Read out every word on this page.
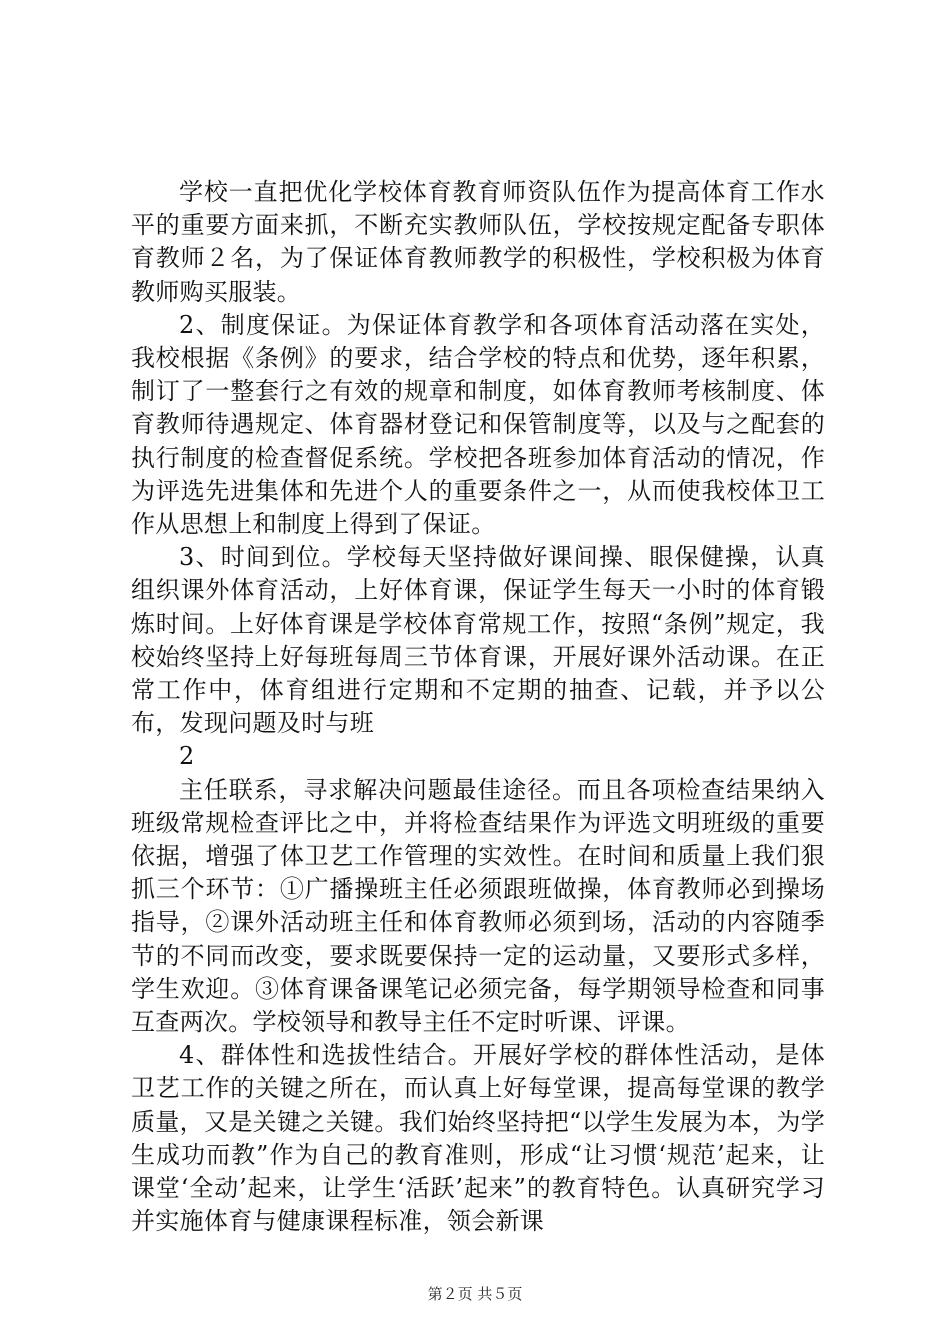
学校一直把优化学校体育教育师资队伍作为提高体育工作水平的重要方面来抓，不断充实教师队伍，学校按规定配备专职体育教师２名，为了保证体育教师教学的积极性，学校积极为体育教师购买服装。

2、制度保证。为保证体育教学和各项体育活动落在实处，我校根据《条例》的要求，结合学校的特点和优势，逐年积累，制订了一整套行之有效的规章和制度，如体育教师考核制度、体育教师待遇规定、体育器材登记和保管制度等，以及与之配套的执行制度的检查督促系统。学校把各班参加体育活动的情况，作为评选先进集体和先进个人的重要条件之一，从而使我校体卫工作从思想上和制度上得到了保证。

3、时间到位。学校每天坚持做好课间操、眼保健操，认真组织课外体育活动，上好体育课，保证学生每天一小时的体育锻炼时间。上好体育课是学校体育常规工作，按照“条例”规定，我校始终坚持上好每班每周三节体育课，开展好课外活动课。在正常工作中，体育组进行定期和不定期的抽查、记载，并予以公布，发现问题及时与班

2

主任联系，寻求解决问题最佳途径。而且各项检查结果纳入班级常规检查评比之中，并将检查结果作为评选文明班级的重要依据，增强了体卫艺工作管理的实效性。在时间和质量上我们狠抓三个环节：①广播操班主任必须跟班做操，体育教师必到操场指导，②课外活动班主任和体育教师必须到场，活动的内容随季节的不同而改变，要求既要保持一定的运动量，又要形式多样，学生欢迎。③体育课备课笔记必须完备，每学期领导检查和同事互查两次。学校领导和教导主任不定时听课、评课。

4、群体性和选拔性结合。开展好学校的群体性活动，是体卫艺工作的关键之所在，而认真上好每堂课，提高每堂课的教学质量，又是关键之关键。我们始终坚持把“以学生发展为本，为学生成功而教”作为自己的教育准则，形成“让习惯‘规范’起来，让课堂‘全动’起来，让学生‘活跃’起来”的教育特色。认真研究学习并实施体育与健康课程标准，领会新课

第２页 共５页
